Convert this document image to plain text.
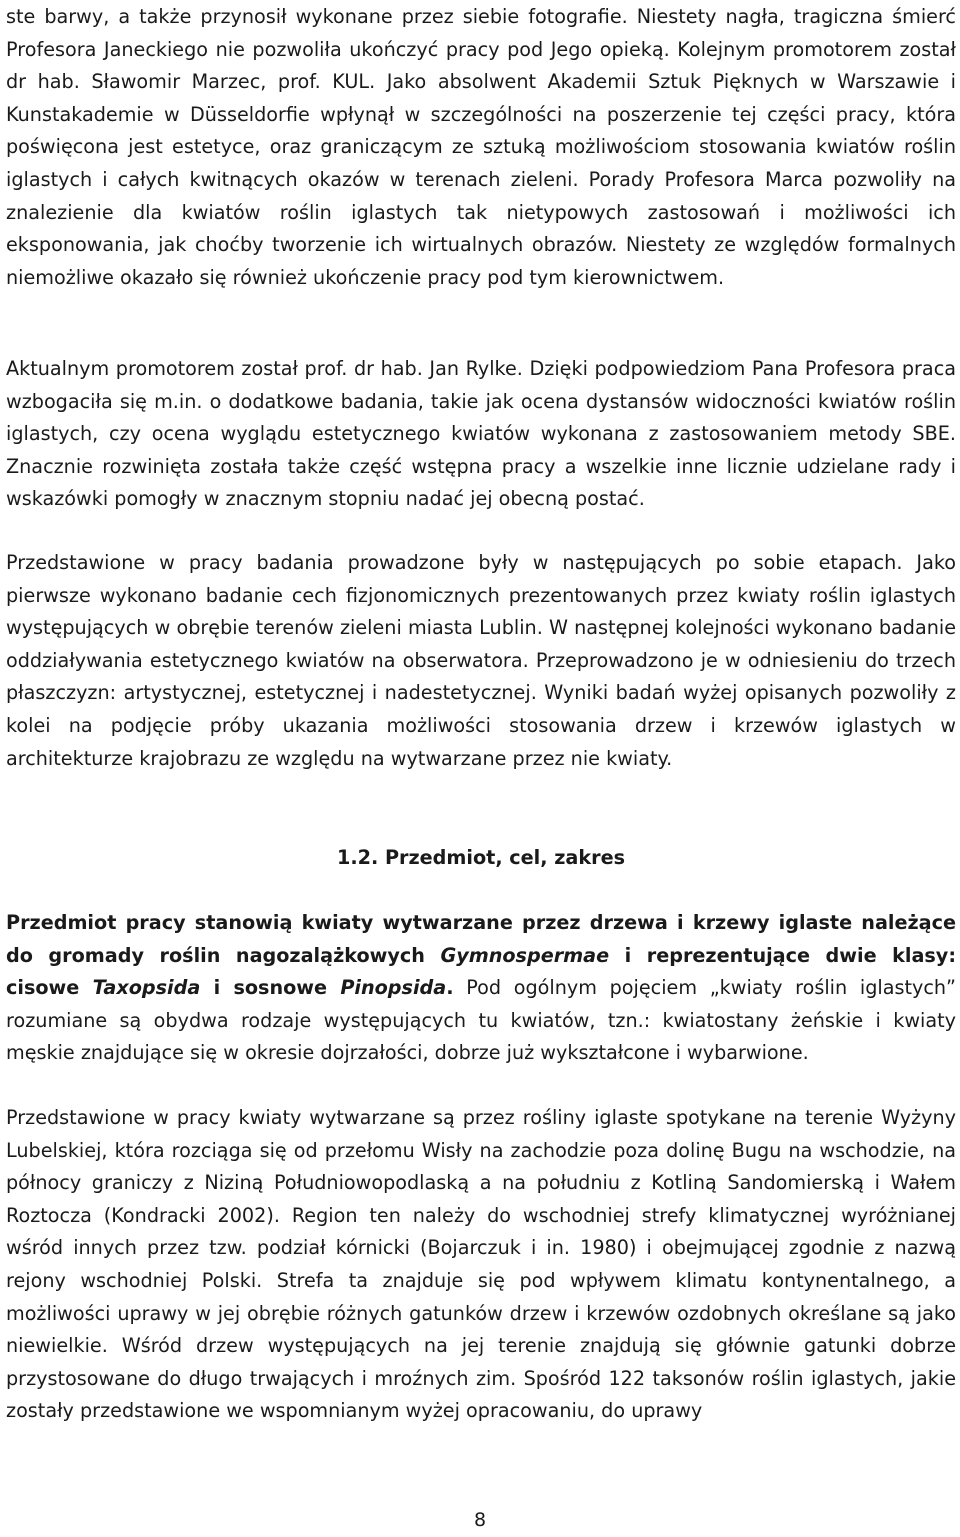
ste barwy, a także przynosił wykonane przez siebie fotografie. Niestety nagła, tragiczna śmierć Profesora Janeckiego nie pozwoliła ukończyć pracy pod Jego opieką. Kolejnym promotorem został dr hab. Sławomir Marzec, prof. KUL. Jako absolwent Akademii Sztuk Pięknych w Warszawie i Kunstakademie w Düsseldorfie wpłynął w szczególności na poszerzenie tej części pracy, która poświęcona jest estetyce, oraz graniczącym ze sztuką możliwościom stosowania kwiatów roślin iglastych i całych kwitnących okazów w terenach zieleni. Porady Profesora Marca pozwoliły na znalezienie dla kwiatów roślin iglastych tak nietypowych zastosowań i możliwości ich eksponowania, jak choćby tworzenie ich wirtualnych obrazów. Niestety ze względów formalnych niemożliwe okazało się również ukończenie pracy pod tym kierownictwem.

Aktualnym promotorem został prof. dr hab. Jan Rylke. Dzięki podpowiedziom Pana Profesora praca wzbogaciła się m.in. o dodatkowe badania, takie jak ocena dystansów widoczności kwiatów roślin iglastych, czy ocena wyglądu estetycznego kwiatów wykonana z zastosowaniem metody SBE. Znacznie rozwinięta została także część wstępna pracy a wszelkie inne licznie udzielane rady i wskazówki pomogły w znacznym stopniu nadać jej obecną postać.

Przedstawione w pracy badania prowadzone były w następujących po sobie etapach. Jako pierwsze wykonano badanie cech fizjonomicznych prezentowanych przez kwiaty roślin iglastych występujących w obrębie terenów zieleni miasta Lublin. W następnej kolejności wykonano badanie oddziaływania estetycznego kwiatów na obserwatora. Przeprowadzono je w odniesieniu do trzech płaszczyzn: artystycznej, estetycznej i nadestetycznej. Wyniki badań wyżej opisanych pozwoliły z kolei na podjęcie próby ukazania możliwości stosowania drzew i krzewów iglastych w architekturze krajobrazu ze względu na wytwarzane przez nie kwiaty.

1.2. Przedmiot, cel, zakres

Przedmiot pracy stanowią kwiaty wytwarzane przez drzewa i krzewy iglaste należące do gromady roślin nagozalążkowych Gymnospermae i reprezentujące dwie klasy: cisowe Taxopsida i sosnowe Pinopsida. Pod ogólnym pojęciem „kwiaty roślin iglastych” rozumiane są obydwa rodzaje występujących tu kwiatów, tzn.: kwiatostany żeńskie i kwiaty męskie znajdujące się w okresie dojrzałości, dobrze już wykształcone i wybarwione.

Przedstawione w pracy kwiaty wytwarzane są przez rośliny iglaste spotykane na terenie Wyżyny Lubelskiej, która rozciąga się od przełomu Wisły na zachodzie poza dolinę Bugu na wschodzie, na północy graniczy z Niziną Południowopodlaską a na południu z Kotliną Sandomierską i Wałem Roztocza (Kondracki 2002). Region ten należy do wschodniej strefy klimatycznej wyróżnianej wśród innych przez tzw. podział kórnicki (Bojarczuk i in. 1980) i obejmującej zgodnie z nazwą rejony wschodniej Polski. Strefa ta znajduje się pod wpływem klimatu kontynentalnego, a możliwości uprawy w jej obrębie różnych gatunków drzew i krzewów ozdobnych określane są jako niewielkie. Wśród drzew występujących na jej terenie znajdują się głównie gatunki dobrze przystosowane do długo trwających i mroźnych zim. Spośród 122 taksonów roślin iglastych, jakie zostały przedstawione we wspomnianym wyżej opracowaniu, do uprawy

8
